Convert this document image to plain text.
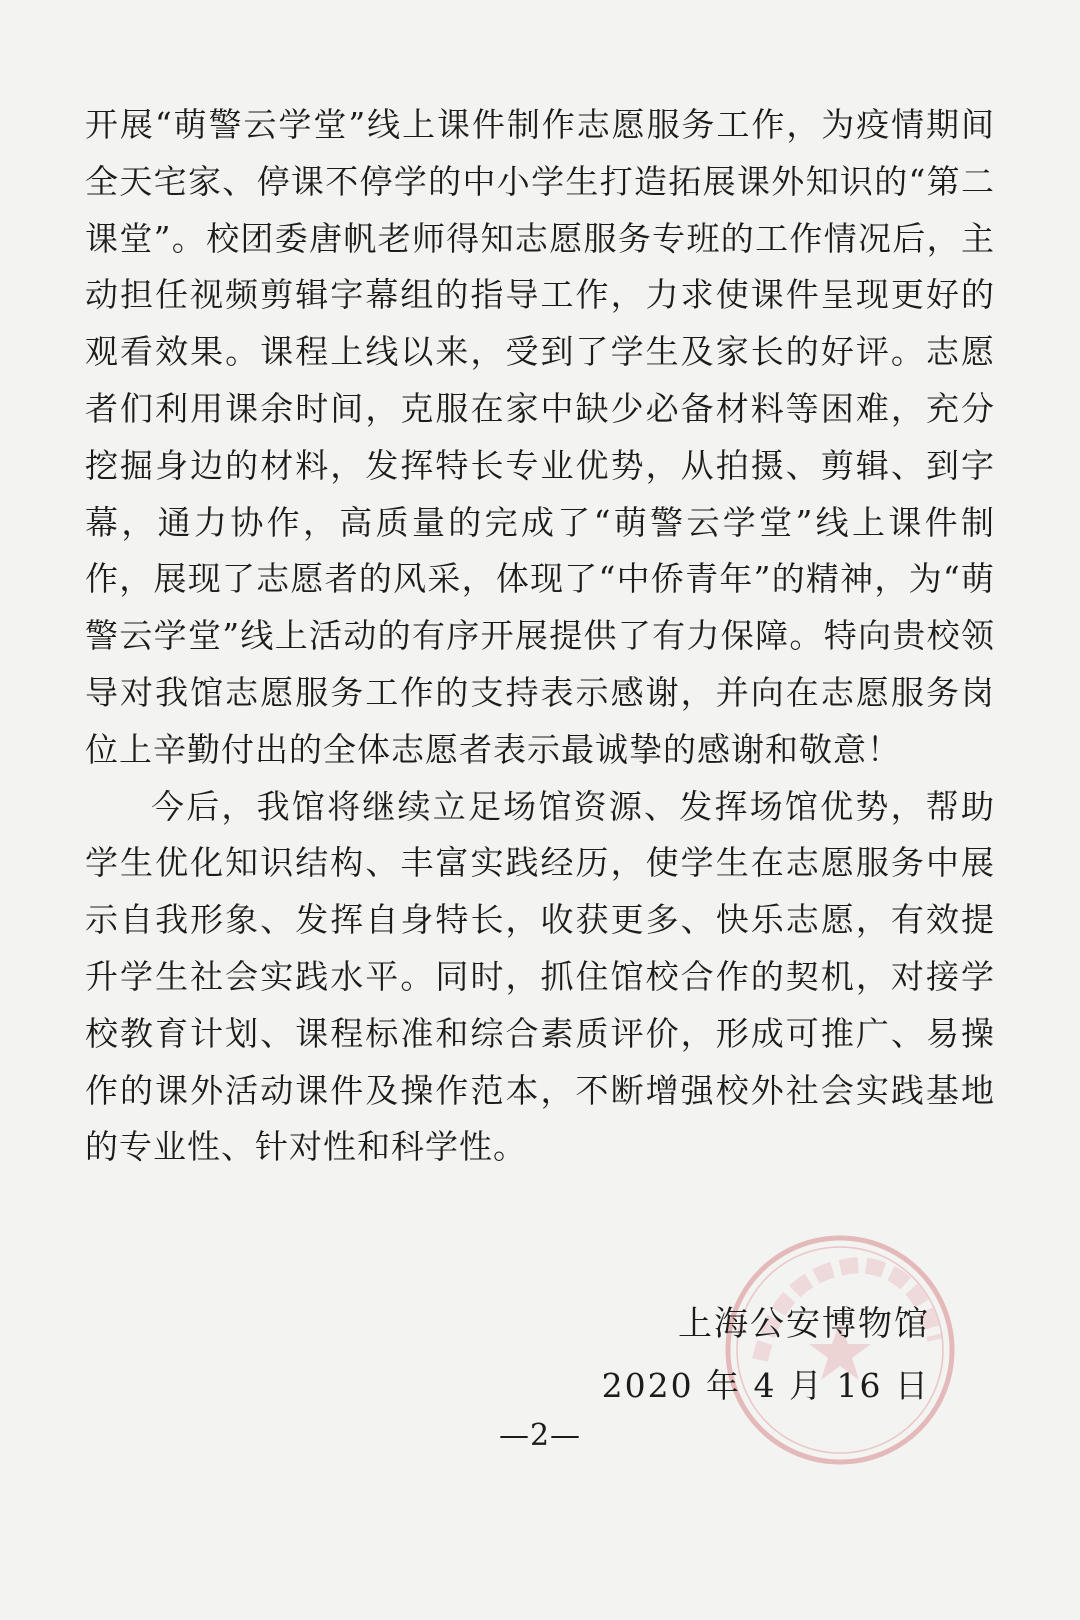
开展“萌警云学堂”线上课件制作志愿服务工作，为疫情期间全天宅家、停课不停学的中小学生打造拓展课外知识的“第二课堂”。校团委唐帆老师得知志愿服务专班的工作情况后，主动担任视频剪辑字幕组的指导工作，力求使课件呈现更好的观看效果。课程上线以来，受到了学生及家长的好评。志愿者们利用课余时间，克服在家中缺少必备材料等困难，充分挖掘身边的材料，发挥特长专业优势，从拍摄、剪辑、到字幕，通力协作，高质量的完成了“萌警云学堂”线上课件制作，展现了志愿者的风采，体现了“中侨青年”的精神，为“萌警云学堂”线上活动的有序开展提供了有力保障。特向贵校领导对我馆志愿服务工作的支持表示感谢，并向在志愿服务岗位上辛勤付出的全体志愿者表示最诚挚的感谢和敬意！

今后，我馆将继续立足场馆资源、发挥场馆优势，帮助学生优化知识结构、丰富实践经历，使学生在志愿服务中展示自我形象、发挥自身特长，收获更多、快乐志愿，有效提升学生社会实践水平。同时，抓住馆校合作的契机，对接学校教育计划、课程标准和综合素质评价，形成可推广、易操作的课外活动课件及操作范本，不断增强校外社会实践基地的专业性、针对性和科学性。

上海公安博物馆
2020 年 4 月 16 日
—2—
